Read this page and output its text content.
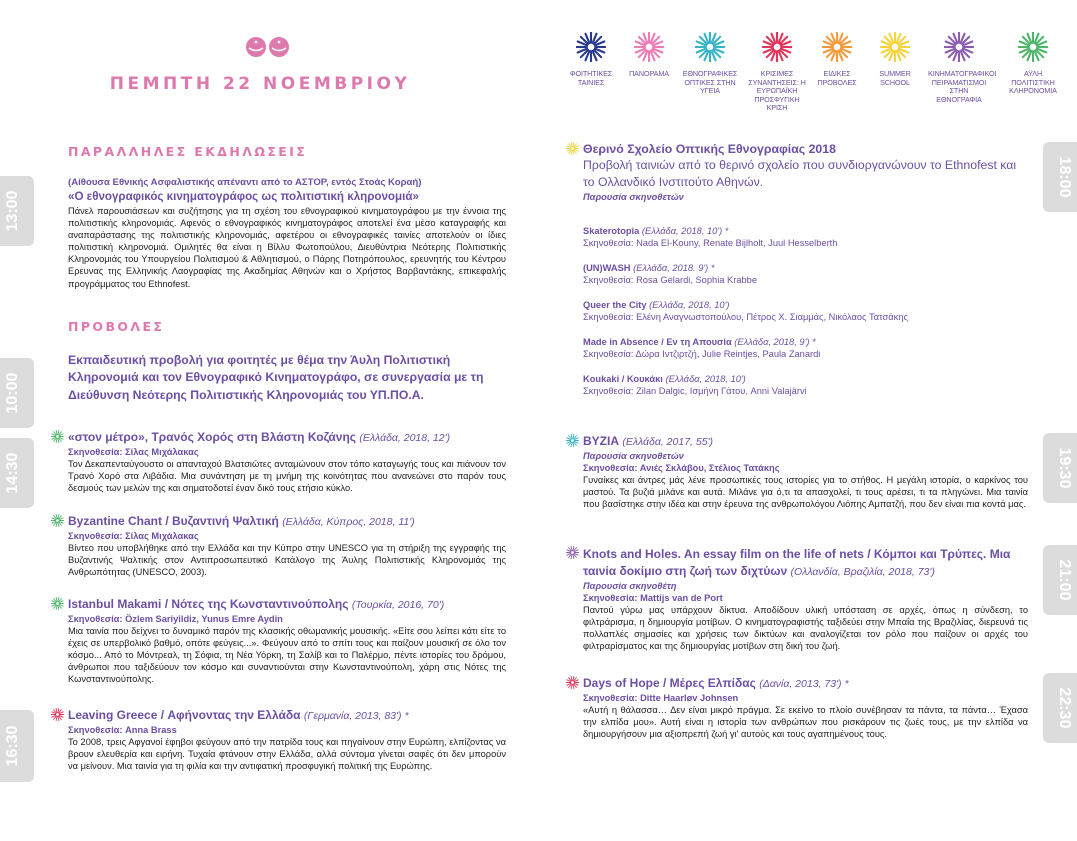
ΠΕΜΠΤΗ 22 ΝΟΕΜΒΡΙΟΥ
ΦΟΙΤΗΤΙΚΕΣ ΤΑΙΝΙΕΣ
ΠΑΝΟΡΑΜΑ	ΕΘΝΟΓΡΑΦΙΚΕΣ ΟΠΤΙΚΕΣ ΣΤΗΝ ΥΓΕΙΑ
ΚΡΙΣΙΜΕΣ ΣΥΝΑΝΤΗΣΕΙΣ: Η ΕΥΡΩΠΑΪΚΗ ΠΡΟΣΦΥΓΙΚΗ ΚΡΙΣΗ
ΕΙΔΙΚΕΣ ΠΡΟΒΟΛΕΣ
SUMMER SCHOOL
ΚΙΝΗΜΑΤΟΓΡΑΦΙΚΟΙ ΠΕΙΡΑΜΑΤΙΣΜΟΙ ΣΤΗΝ ΕΘΝΟΓΡΑΦΙΑ
ΑΫΛΗ ΠΟΛΙΤΙΣΤΙΚΗ ΚΛΗΡΟΝΟΜΙΑ
13:00
10:00
14:30
16:30
18:00
19:30
21:00
22:30
ΠΑΡΑΛΛΗΛΕΣ ΕΚΔΗΛΩΣΕΙΣ
(Αίθουσα Εθνικής Ασφαλιστικής απέναντι από το ΑΣΤΟΡ, εντός Στοάς Κοραή)
«Ο εθνογραφικός κινηματογράφος ως πολιτιστική κληρονομιά»
Πάνελ παρουσιάσεων και συζήτησης για τη σχέση του εθνογραφικού κινηματογράφου με την έννοια της πολιτιστικής κληρονομιάς. Αφενός ο εθνογραφικός κινηματογράφος αποτελεί ένα μέσο καταγραφής και αναπαράστασης της πολιτιστικής κληρονομιάς, αφετέρου οι εθνογραφικές ταινίες αποτελούν οι ίδιες πολιτιστική κληρονομιά. Ομιλητές θα είναι η Βίλλυ Φωτοπούλου, Διευθύντρια Νεότερης Πολιτιστικής Κληρονομιάς του Υπουργείου Πολιτισμού & Αθλητισμού, ο Πάρης Ποτηρόπουλος, ερευνητής του Κέντρου Ερευνας της Ελληνικής Λαογραφίας της Ακαδημίας Αθηνών και ο Χρήστος Βαρβαντάκης, επικεφαλής προγράμματος του Ethnofest.
ΠΡΟΒΟΛΕΣ
Εκπαιδευτική προβολή για φοιτητές με θέμα την Άυλη Πολιτιστική Κληρονομιά και τον Εθνογραφικό Κινηματογράφο, σε συνεργασία με τη Διεύθυνση Νεότερης Πολιτιστικής Κληρονομιάς του ΥΠ.ΠΟ.Α.
«στον μέτρο», Τρανός Χορός στη Βλάστη Κοζάνης (Ελλάδα, 2018, 12')
Σκηνοθεσία: Σίλας Μιχάλακας
Τον Δεκαπενταύγουστο οι απανταχού Βλατσιώτες ανταμώνουν στον τόπο καταγωγής τους και πιάνουν τον Τρανό Χορό στα Λιβάδια. Μια συνάντηση με τη μνήμη της κοινότητας που ανανεώνει στο παρόν τους δεσμούς των μελών της και σηματοδοτεί έναν δικό τους ετήσιο κύκλο.
Byzantine Chant / Βυζαντινή Ψαλτική (Ελλάδα, Κύπρος, 2018, 11')
Σκηνοθεσία: Σίλας Μιχάλακας
Βίντεο που υποβλήθηκε από την Ελλάδα και την Κύπρο στην UNESCO για τη στήριξη της εγγραφής της Βυζαντινής Ψαλτικής στον Αντιπροσωπευτικό Κατάλογο της Άυλης Πολιτιστικής Κληρονομιάς της Ανθρωπότητας (UNESCO, 2003).
Istanbul Makami / Νότες της Κωνσταντινούπολης (Τουρκία, 2016, 70')
Σκηνοθεσία: Özlem Sariyildiz, Yunus Emre Aydin
Μια ταινία που δείχνει το δυναμικό παρόν της κλασικής οθωμανικής μουσικής. «Είτε σου λείπει κάτι είτε το έχεις σε υπερβολικό βαθμό, οπότε φεύγεις...». Φεύγουν από το σπίτι τους και παίζουν μουσική σε όλο τον κόσμο... Από το Μόντρεαλ, τη Σόφια, τη Νέα Υόρκη, τη Σαλίβ και το Παλέρμο, πέντε ιστορίες του δρόμου, άνθρωποι που ταξιδεύουν τον κόσμο και συναντιούνται στην Κωνσταντινούπολη, χάρη στις Νότες της Κωνσταντινούπολης.
Leaving Greece / Αφήνοντας την Ελλάδα (Γερμανία, 2013, 83') *
Σκηνοθεσία: Anna Brass
Το 2008, τρεις Αφγανοί έφηβοι φεύγουν από την πατρίδα τους και πηγαίνουν στην Ευρώπη, ελπίζοντας να βρουν ελευθερία και ειρήνη. Τυχαία φτάνουν στην Ελλάδα, αλλά σύντομα γίνεται σαφές ότι δεν μπορούν να μείνουν. Μια ταινία για τη φιλία και την αντιφατική προσφυγική πολιτική της Ευρώπης.
Θερινό Σχολείο Οπτικής Εθνογραφίας 2018
Προβολή ταινιών από το θερινό σχολείο που συνδιοργανώνουν το Ethnofest και το Ολλανδικό Ινστιτούτο Αθηνών.
Παρουσία σκηνοθετών
Skaterotopia (Ελλάδα, 2018, 10') *
Σκηνοθεσία: Nada El-Kouny, Renate Bijlholt, Juul Hesselberth
(UN)WASH (Ελλάδα, 2018. 9') *
Σκηνοθεσία: Rosa Gelardi, Sophia Krabbe
Queer the City (Ελλάδα, 2018, 10')
Σκηνοθεσία: Ελένη Αναγνωστοπούλου, Πέτρος Χ. Σιαμμάς, Νικόλαος Τατσάκης
Made in Absence / Εν τη Απουσία (Ελλάδα, 2018, 9') *
Σκηνοθεσία: Δώρα Ιντζιρτζή, Julie Reintjes, Paula Zanardi
Koukaki / Κουκάκι (Ελλάδα, 2018, 10')
Σκηνοθεσία: Zilan Dalgic, Ισμήνη Γάτου, Anni Valajärvi
ΒΥΖΙΑ (Ελλάδα, 2017, 55')
Παρουσία σκηνοθετών
Σκηνοθεσία: Ανιές Σκλάβου, Στέλιος Τατάκης
Γυναίκες και άντρες μάς λένε προσωπικές τους ιστορίες για το στήθος. Η μεγάλη ιστορία, ο καρκίνος του μαστού. Τα βυζιά μιλάνε και αυτά. Μιλάνε για ό,τι τα απασχολεί, τι τους αρέσει, τι τα πληγώνει. Μια ταινία που βασίστηκε στην ιδέα και στην έρευνα της ανθρωπολόγου Λιόπης Αμπατζή, που δεν είναι πια κοντά μας.
Knots and Holes. An essay film on the life of nets / Κόμποι και Τρύπες. Μια ταινία δοκίμιο στη ζωή των διχτύων (Ολλανδία, Βραζιλία, 2018, 73')
Παρουσία σκηνοθέτη
Σκηνοθεσία: Mattijs van de Port
Παντού γύρω μας υπάρχουν δίκτυα. Αποδίδουν υλική υπόσταση σε αρχές, όπως η σύνδεση, το φιλτράρισμα, η δημιουργία μοτίβων. Ο κινηματογραφιστής ταξιδεύει στην Μπαΐα της Βραζιλίας, διερευνά τις πολλαπλές σημασίες και χρήσεις των δικτύων και αναλογίζεται τον ρόλο που παίζουν οι αρχές του φιλτραρίσματος και της δημιουργίας μοτίβων στη δική του ζωή.
Days of Hope / Μέρες Ελπίδας (Δανία, 2013, 73') *
Σκηνοθεσία: Ditte Haarløv Johnsen
«Αυτή η θάλασσα… Δεν είναι μικρό πράγμα. Σε εκείνο το πλοίο συνέβησαν τα πάντα, τα πάντα… Έχασα την ελπίδα μου». Αυτή είναι η ιστορία των ανθρώπων που ρισκάρουν τις ζωές τους, με την ελπίδα να δημιουργήσουν μια αξιοπρεπή ζωή γι' αυτούς και τους αγαπημένους τους.
